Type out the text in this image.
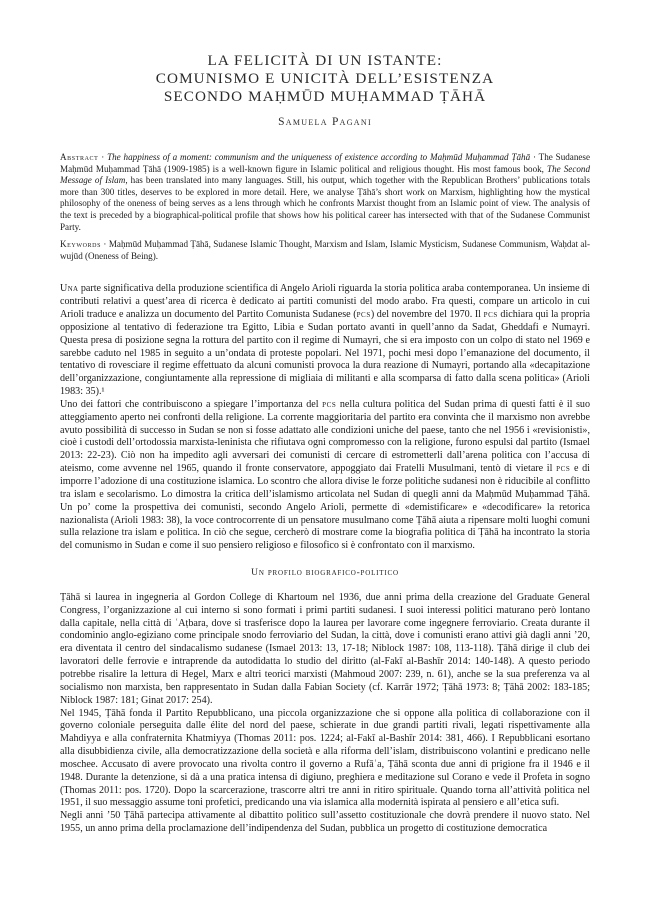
LA FELICITÀ DI UN ISTANTE:
COMUNISMO E UNICITÀ DELL’ESISTENZA
SECONDO MAḤMŪD MUḤAMMAD ṬĀHĀ
Samuela Pagani
Abstract · The happiness of a moment: communism and the uniqueness of existence according to Maḥmūd Muḥammad Ṭāhā · The Sudanese Maḥmūd Muḥammad Ṭāhā (1909-1985) is a well-known figure in Islamic political and religious thought. His most famous book, The Second Message of Islam, has been translated into many languages. Still, his output, which together with the Republican Brothers’ publications totals more than 300 titles, deserves to be explored in more detail. Here, we analyse Ṭāhā’s short work on Marxism, highlighting how the mystical philosophy of the oneness of being serves as a lens through which he confronts Marxist thought from an Islamic point of view. The analysis of the text is preceded by a biographical-political profile that shows how his political career has intersected with that of the Sudanese Communist Party.
Keywords · Maḥmūd Muḥammad Ṭāhā, Sudanese Islamic Thought, Marxism and Islam, Islamic Mysticism, Sudanese Communism, Waḥdat al-wujūd (Oneness of Being).

Una parte significativa della produzione scientifica di Angelo Arioli riguarda la storia politica araba contemporanea. Un insieme di contributi relativi a quest’area di ricerca è dedicato ai partiti comunisti del modo arabo. Fra questi, compare un articolo in cui Arioli traduce e analizza un documento del Partito Comunista Sudanese (pcs) del novembre del 1970. Il pcs dichiara qui la propria opposizione al tentativo di federazione tra Egitto, Libia e Sudan portato avanti in quell’anno da Sadat, Gheddafi e Numayri. Questa presa di posizione segna la rottura del partito con il regime di Numayri, che si era imposto con un colpo di stato nel 1969 e sarebbe caduto nel 1985 in seguito a un’ondata di proteste popolari. Nel 1971, pochi mesi dopo l’emanazione del documento, il tentativo di rovesciare il regime effettuato da alcuni comunisti provoca la dura reazione di Numayri, portando alla «decapitazione dell’organizzazione, congiuntamente alla repressione di migliaia di militanti e alla scomparsa di fatto dalla scena politica» (Arioli 1983: 35).¹

Uno dei fattori che contribuiscono a spiegare l’importanza del pcs nella cultura politica del Sudan prima di questi fatti è il suo atteggiamento aperto nei confronti della religione. La corrente maggioritaria del partito era convinta che il marxismo non avrebbe avuto possibilità di successo in Sudan se non si fosse adattato alle condizioni uniche del paese, tanto che nel 1956 i «revisionisti», cioè i custodi dell’ortodossia marxista-leninista che rifiutava ogni compromesso con la religione, furono espulsi dal partito (Ismael 2013: 22-23). Ciò non ha impedito agli avversari dei comunisti di cercare di estrometterli dall’arena politica con l’accusa di ateismo, come avvenne nel 1965, quando il fronte conservatore, appoggiato dai Fratelli Musulmani, tentò di vietare il pcs e di imporre l’adozione di una costituzione islamica. Lo scontro che allora divise le forze politiche sudanesi non è riducibile al conflitto tra islam e secolarismo. Lo dimostra la critica dell’islamismo articolata nel Sudan di quegli anni da Maḥmūd Muḥammad Ṭāhā. Un po’ come la prospettiva dei comunisti, secondo Angelo Arioli, permette di «demistificare» e «decodificare» la retorica nazionalista (Arioli 1983: 38), la voce controcorrente di un pensatore musulmano come Ṭāhā aiuta a ripensare molti luoghi comuni sulla relazione tra islam e politica. In ciò che segue, cercherò di mostrare come la biografia politica di Ṭāhā ha incontrato la storia del comunismo in Sudan e come il suo pensiero religioso e filosofico si è confrontato con il marxismo.

Un profilo biografico-politico

Ṭāhā si laurea in ingegneria al Gordon College di Khartoum nel 1936, due anni prima della creazione del Graduate General Congress, l’organizzazione al cui interno si sono formati i primi partiti sudanesi. I suoi interessi politici maturano però lontano dalla capitale, nella città di ʿAṭbara, dove si trasferisce dopo la laurea per lavorare come ingegnere ferroviario. Creata durante il condominio anglo-egiziano come principale snodo ferroviario del Sudan, la città, dove i comunisti erano attivi già dagli anni ’20, era diventata il centro del sindacalismo sudanese (Ismael 2013: 13, 17-18; Niblock 1987: 108, 113-118). Ṭāhā dirige il club dei lavoratori delle ferrovie e intraprende da autodidatta lo studio del diritto (al-Fakī al-Bashīr 2014: 140-148). A questo periodo potrebbe risalire la lettura di Hegel, Marx e altri teorici marxisti (Mahmoud 2007: 239, n. 61), anche se la sua preferenza va al socialismo non marxista, ben rappresentato in Sudan dalla Fabian Society (cf. Karrār 1972; Ṭāhā 1973: 8; Ṭāhā 2002: 183-185; Niblock 1987: 181; Ginat 2017: 254).

Nel 1945, Ṭāhā fonda il Partito Repubblicano, una piccola organizzazione che si oppone alla politica di collaborazione con il governo coloniale perseguita dalle élite del nord del paese, schierate in due grandi partiti rivali, legati rispettivamente alla Mahdiyya e alla confraternita Khatmiyya (Thomas 2011: pos. 1224; al-Fakī al-Bashīr 2014: 381, 466). I Repubblicani esortano alla disubbidienza civile, alla democratizzazione della società e alla riforma dell’islam, distribuiscono volantini e predicano nelle moschee. Accusato di avere provocato una rivolta contro il governo a Rufāʿa, Ṭāhā sconta due anni di prigione fra il 1946 e il 1948. Durante la detenzione, si dà a una pratica intensa di digiuno, preghiera e meditazione sul Corano e vede il Profeta in sogno (Thomas 2011: pos. 1720). Dopo la scarcerazione, trascorre altri tre anni in ritiro spirituale. Quando torna all’attività politica nel 1951, il suo messaggio assume toni profetici, predicando una via islamica alla modernità ispirata al pensiero e all’etica sufi.

Negli anni ’50 Ṭāhā partecipa attivamente al dibattito politico sull’assetto costituzionale che dovrà prendere il nuovo stato. Nel 1955, un anno prima della proclamazione dell’indipendenza del Sudan, pubblica un progetto di costituzione democratica
